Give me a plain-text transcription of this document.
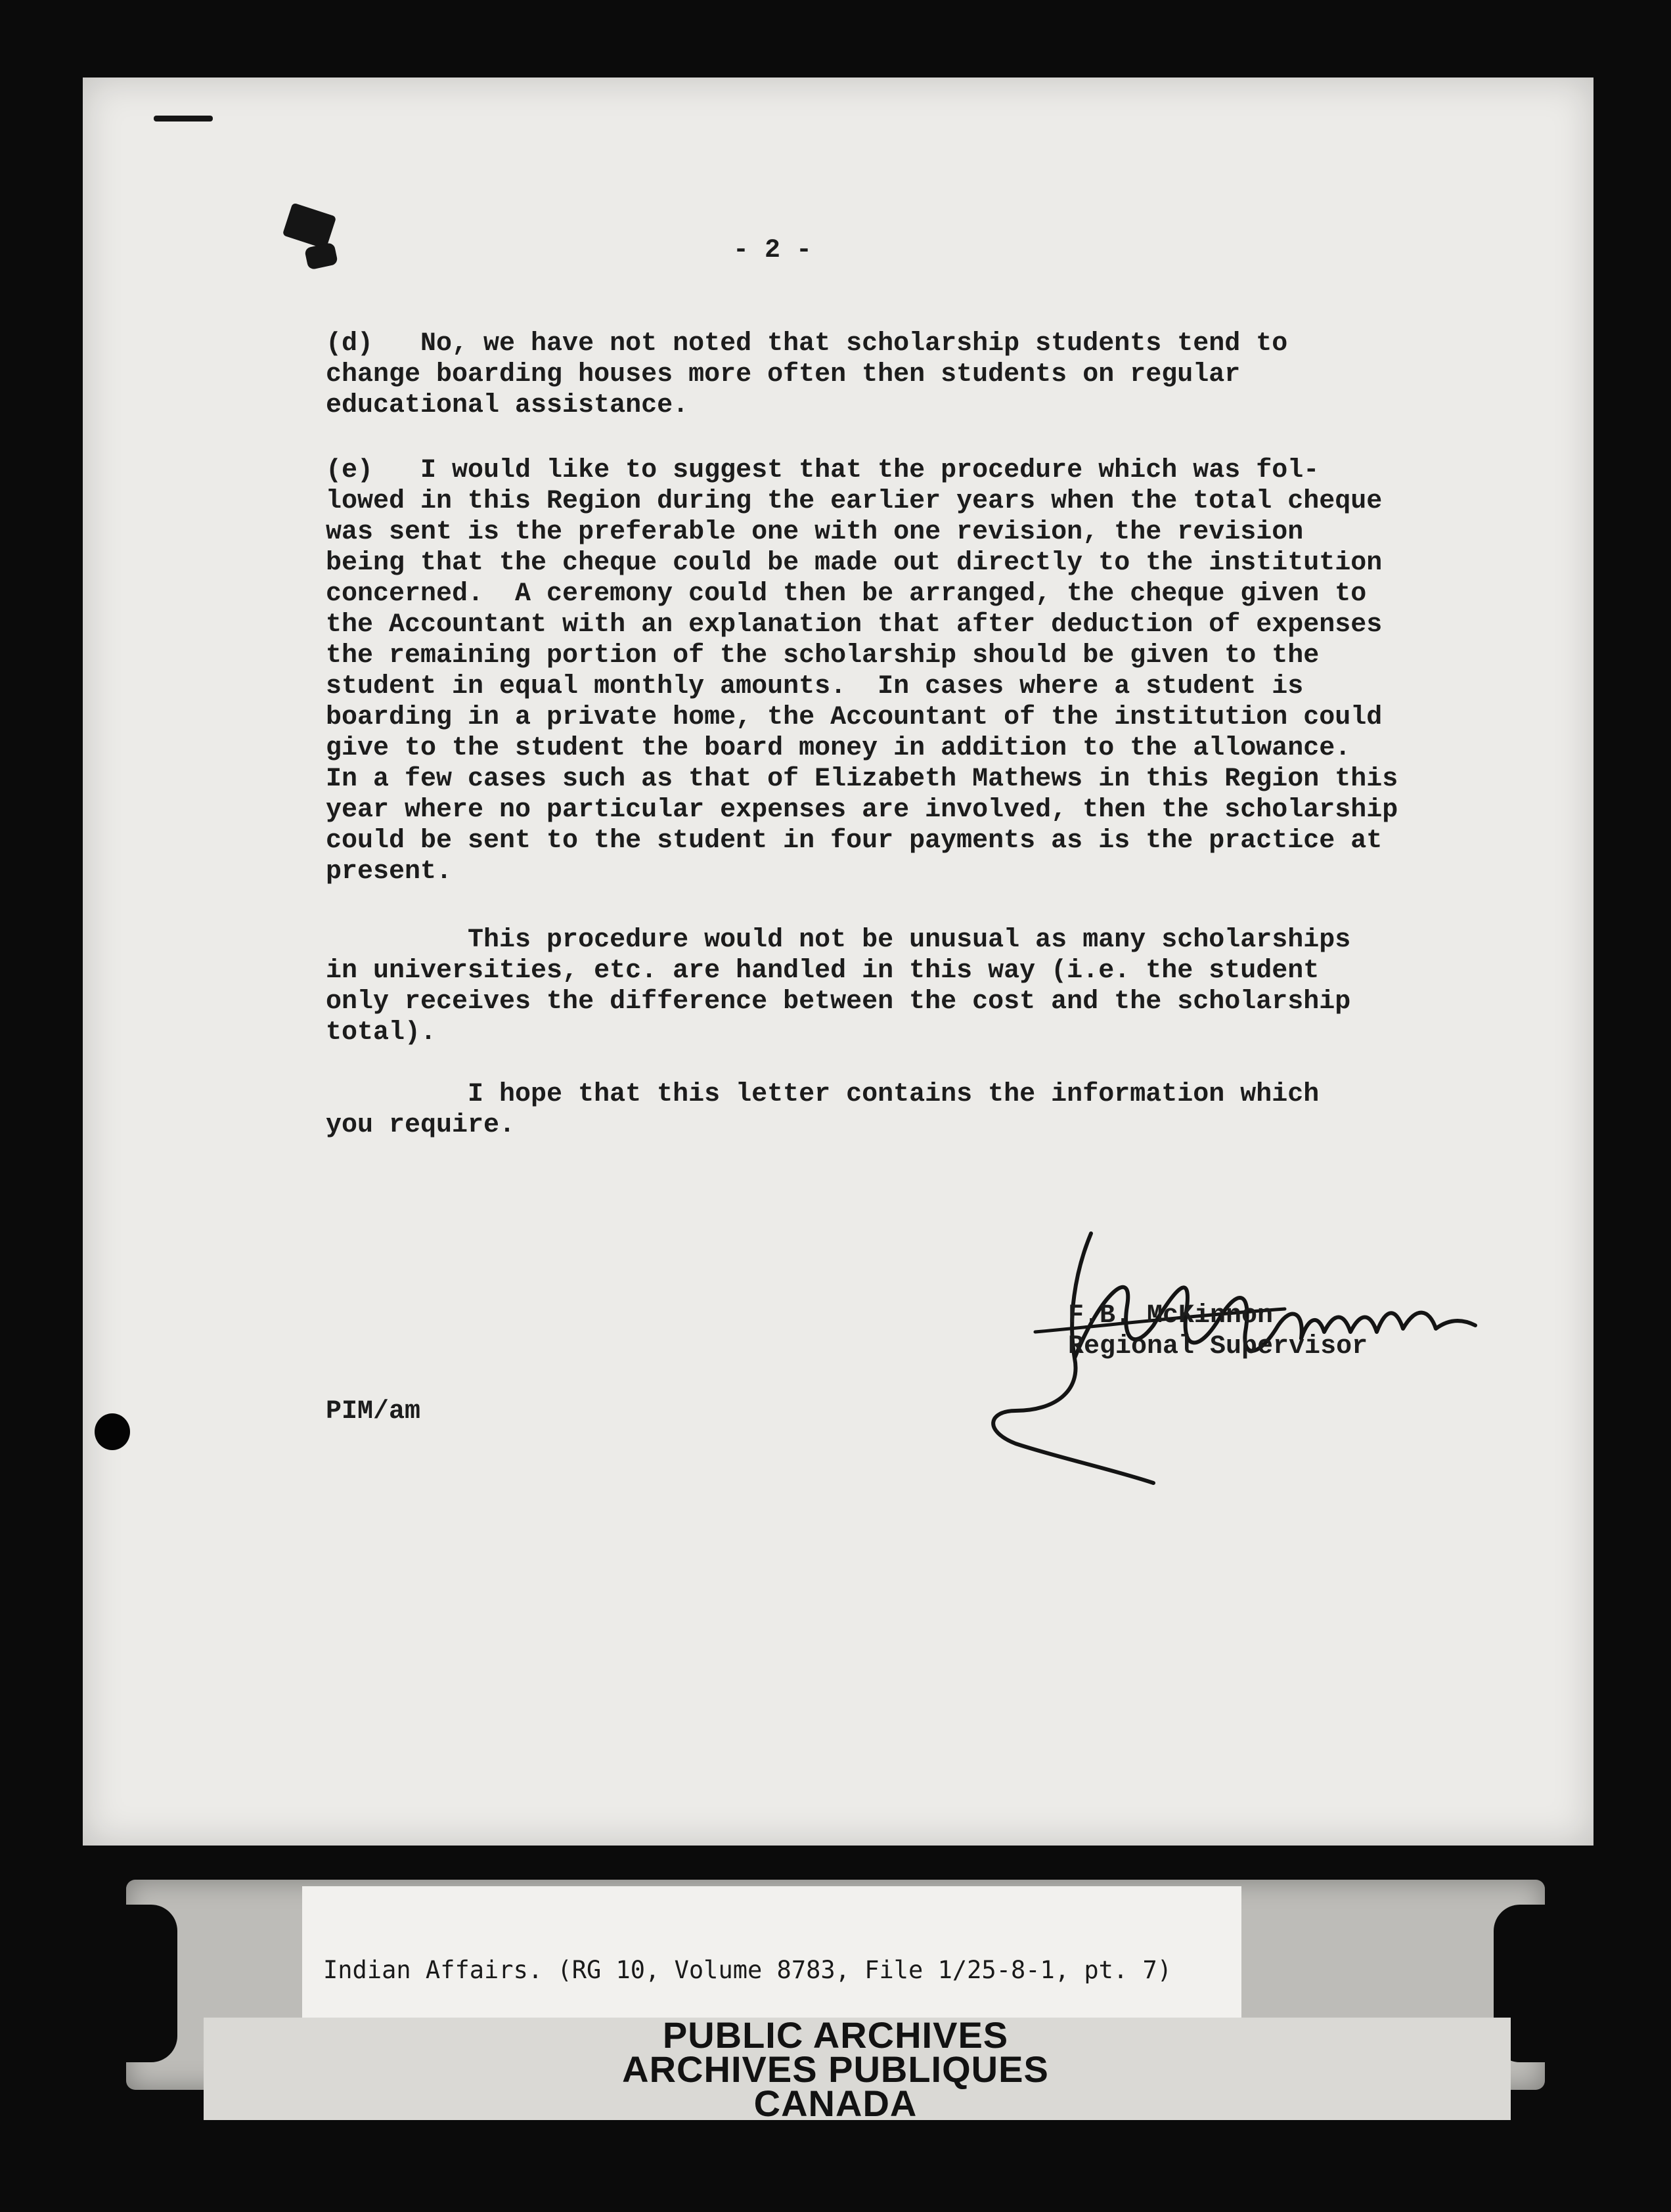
- 2 -
(d)   No, we have not noted that scholarship students tend to
change boarding houses more often then students on regular
educational assistance.
(e)   I would like to suggest that the procedure which was fol-
lowed in this Region during the earlier years when the total cheque
was sent is the preferable one with one revision, the revision
being that the cheque could be made out directly to the institution
concerned.  A ceremony could then be arranged, the cheque given to
the Accountant with an explanation that after deduction of expenses
the remaining portion of the scholarship should be given to the
student in equal monthly amounts.  In cases where a student is
boarding in a private home, the Accountant of the institution could
give to the student the board money in addition to the allowance.
In a few cases such as that of Elizabeth Mathews in this Region this
year where no particular expenses are involved, then the scholarship
could be sent to the student in four payments as is the practice at
present.
This procedure would not be unusual as many scholarships
in universities, etc. are handled in this way (i.e. the student
only receives the difference between the cost and the scholarship
total).
I hope that this letter contains the information which
you require.
F.B. McKinnon
Regional Supervisor
PIM/am
Indian Affairs. (RG 10, Volume 8783, File 1/25-8-1, pt. 7)
PUBLIC ARCHIVES
ARCHIVES PUBLIQUES
CANADA
